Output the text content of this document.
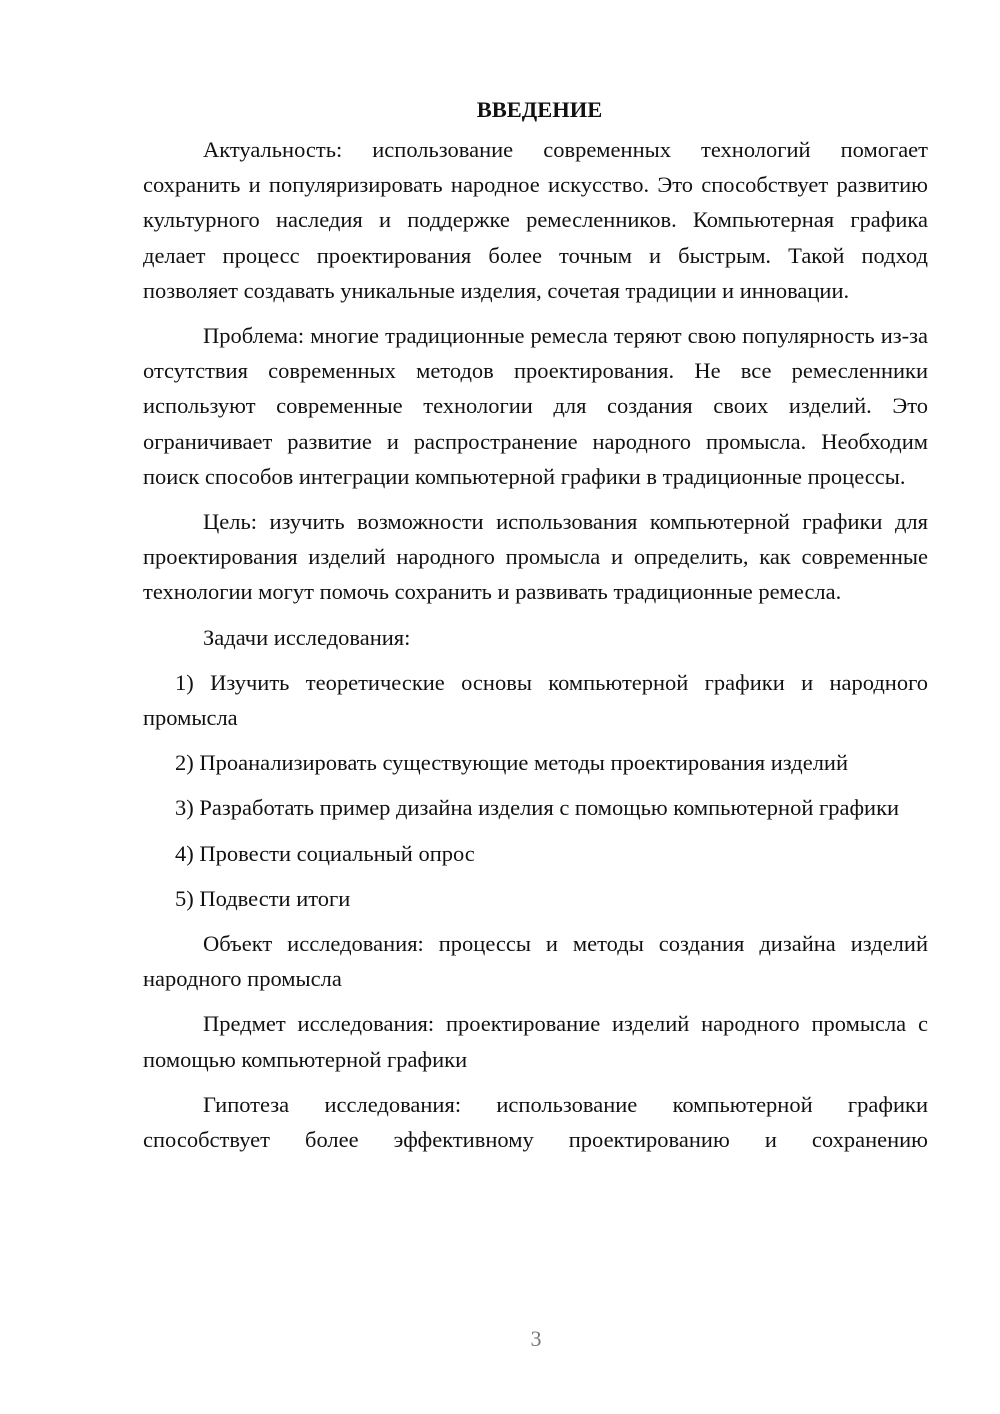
ВВЕДЕНИЕ

Актуальность: использование современных технологий помогает сохранить и популяризировать народное искусство. Это способствует развитию культурного наследия и поддержке ремесленников. Компьютерная графика делает процесс проектирования более точным и быстрым. Такой подход позволяет создавать уникальные изделия, сочетая традиции и инновации.

Проблема: многие традиционные ремесла теряют свою популярность из-за отсутствия современных методов проектирования. Не все ремесленники используют современные технологии для создания своих изделий. Это ограничивает развитие и распространение народного промысла. Необходим поиск способов интеграции компьютерной графики в традиционные процессы.

Цель: изучить возможности использования компьютерной графики для проектирования изделий народного промысла и определить, как современные технологии могут помочь сохранить и развивать традиционные ремесла.

Задачи исследования:

1) Изучить теоретические основы компьютерной графики и народного промысла

2) Проанализировать существующие методы проектирования изделий

3) Разработать пример дизайна изделия с помощью компьютерной графики

4) Провести социальный опрос

5) Подвести итоги

Объект исследования: процессы и методы создания дизайна изделий народного промысла

Предмет исследования: проектирование изделий народного промысла с помощью компьютерной графики

Гипотеза исследования: использование компьютерной графики способствует более эффективному проектированию и сохранению

3
